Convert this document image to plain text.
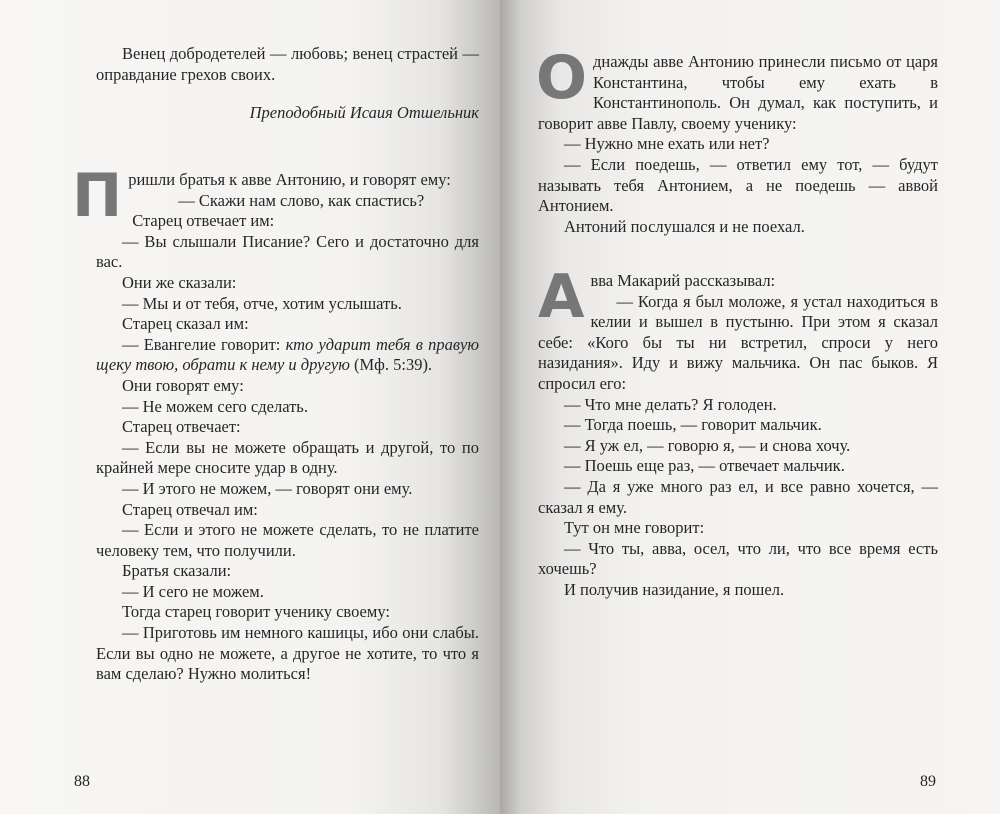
Венец добродетелей — любовь; венец страстей — оправдание грехов своих.

Преподобный Исаия Отшельник

П ришли братья к авве Антонию, и говорят ему:

— Скажи нам слово, как спастись?

Старец отвечает им:

— Вы слышали Писание? Сего и достаточно для вас.

Они же сказали:

— Мы и от тебя, отче, хотим услышать.

Старец сказал им:

— Евангелие говорит: кто ударит тебя в правую щеку твою, обрати к нему и другую (Мф. 5:39).

Они говорят ему:

— Не можем сего сделать.

Старец отвечает:

— Если вы не можете обращать и другой, то по крайней мере сносите удар в одну.

— И этого не можем, — говорят они ему.

Старец отвечал им:

— Если и этого не можете сделать, то не платите человеку тем, что получили.

Братья сказали:

— И сего не можем.

Тогда старец говорит ученику своему:

— Приготовь им немного кашицы, ибо они слабы. Если вы одно не можете, а другое не хотите, то что я вам сделаю? Нужно молиться!

88
О днажды авве Антонию принесли письмо от царя Константина, чтобы ему ехать в Константинополь. Он думал, как поступить, и говорит авве Павлу, своему ученику:

— Нужно мне ехать или нет?

— Если поедешь, — ответил ему тот, — будут называть тебя Антонием, а не поедешь — аввой Антонием.

Антоний послушался и не поехал.

А вва Макарий рассказывал:

— Когда я был моложе, я устал находиться в келии и вышел в пустыню. При этом я сказал себе: «Кого бы ты ни встретил, спроси у него назидания». Иду и вижу мальчика. Он пас быков. Я спросил его:

— Что мне делать? Я голоден.

— Тогда поешь, — говорит мальчик.

— Я уж ел, — говорю я, — и снова хочу.

— Поешь еще раз, — отвечает мальчик.

— Да я уже много раз ел, и все равно хочется, — сказал я ему.

Тут он мне говорит:

— Что ты, авва, осел, что ли, что все время есть хочешь?

И получив назидание, я пошел.

89
